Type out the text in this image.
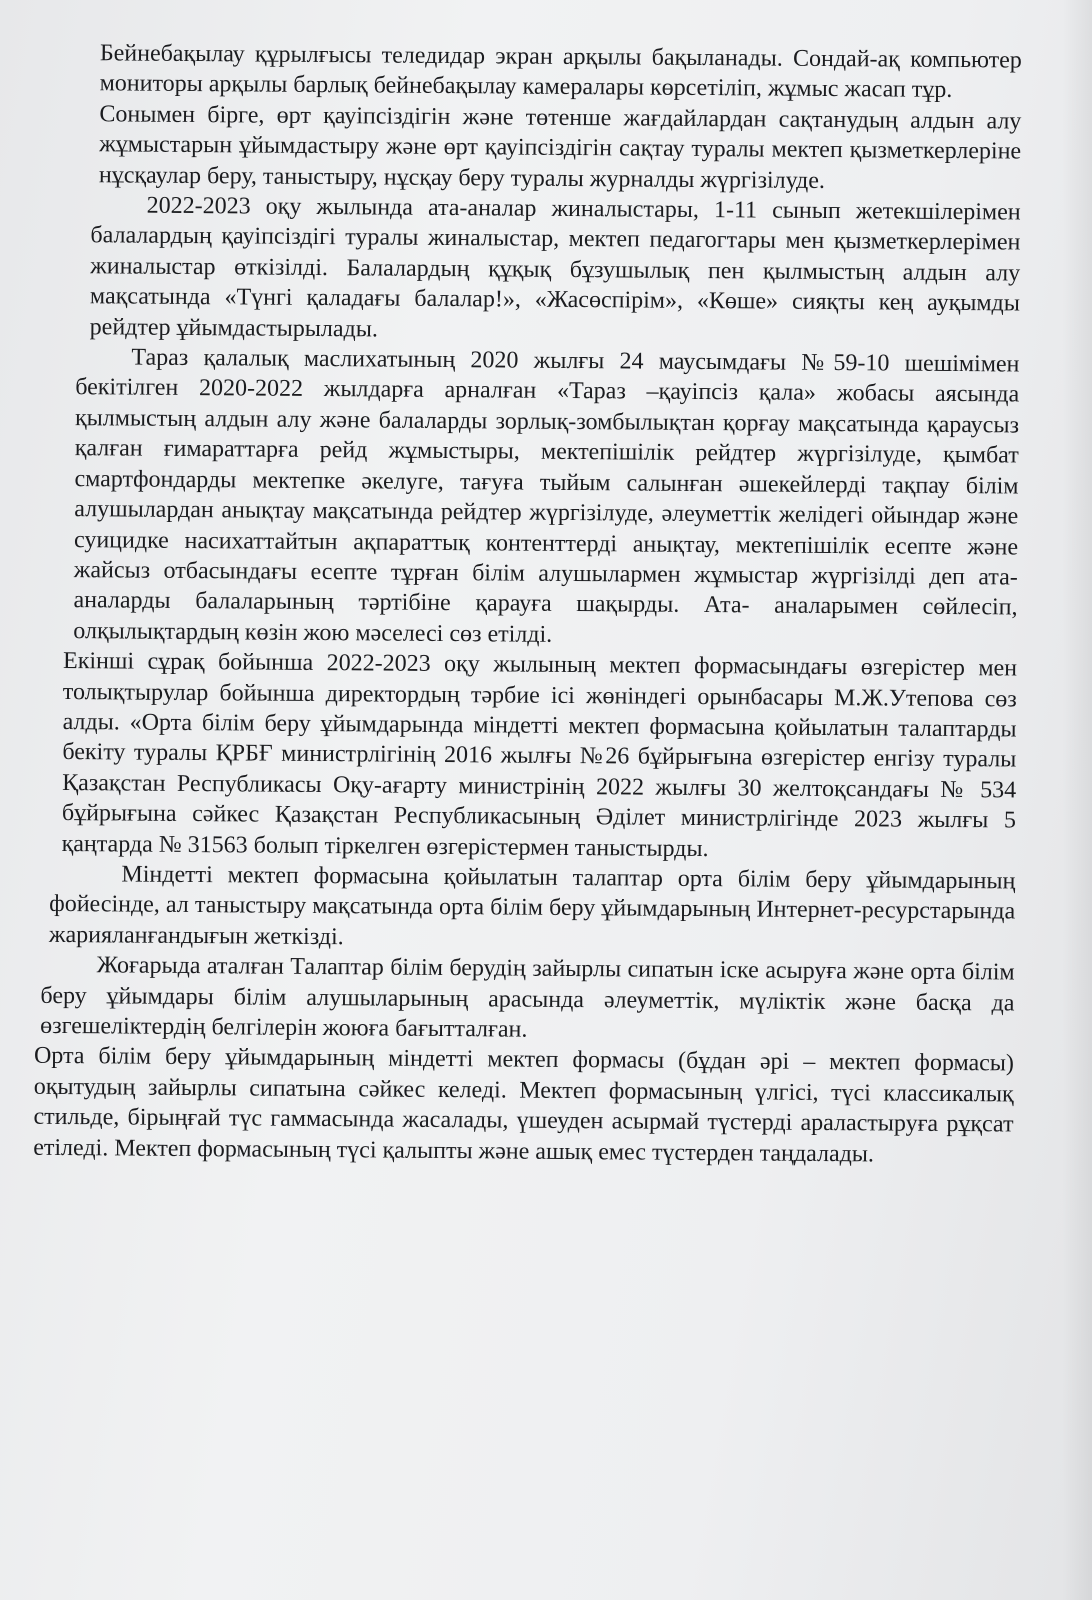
Бейнебақылау құрылғысы теледидар экран арқылы бақыланады. Сондай-ақ компьютер мониторы арқылы барлық бейнебақылау камералары көрсетіліп, жұмыс жасап тұр.

Сонымен бірге, өрт қауіпсіздігін және төтенше жағдайлардан сақтанудың алдын алу жұмыстарын ұйымдастыру және өрт қауіпсіздігін сақтау туралы мектеп қызметкерлеріне нұсқаулар беру, таныстыру, нұсқау беру туралы журналды жүргізілуде.

2022-2023 оқу жылында ата-аналар жиналыстары, 1-11 сынып жетекшілерімен балалардың қауіпсіздігі туралы жиналыстар, мектеп педагогтары мен қызметкерлерімен жиналыстар өткізілді. Балалардың құқық бұзушылық пен қылмыстың алдын алу мақсатында «Түнгі қаладағы балалар!», «Жасөспірім», «Көше» сияқты кең ауқымды рейдтер ұйымдастырылады.

Тараз қалалық маслихатының 2020 жылғы 24 маусымдағы №59-10 шешімімен бекітілген 2020-2022 жылдарға арналған «Тараз –қауіпсіз қала» жобасы аясында қылмыстың алдын алу және балаларды зорлық-зомбылықтан қорғау мақсатында қараусыз қалған ғимараттарға рейд жұмыстыры, мектепішілік рейдтер жүргізілуде, қымбат смартфондарды мектепке әкелуге, тағуға тыйым салынған әшекейлерді тақпау білім алушылардан анықтау мақсатында рейдтер жүргізілуде, әлеуметтік желідегі ойындар және суицидке насихаттайтын ақпараттық контенттерді анықтау, мектепішілік есепте және жайсыз отбасындағы есепте тұрған білім алушылармен жұмыстар жүргізілді деп ата-аналарды балаларының тәртібіне қарауға шақырды. Ата- аналарымен сөйлесіп, олқылықтардың көзін жою мәселесі сөз етілді.

Екінші сұрақ бойынша 2022-2023 оқу жылының мектеп формасындағы өзгерістер мен толықтырулар бойынша директордың тәрбие ісі жөніндегі орынбасары М.Ж.Утепова сөз алды. «Орта білім беру ұйымдарында міндетті мектеп формасына қойылатын талаптарды бекіту туралы ҚРБҒ министрлігінің 2016 жылғы №26 бұйрығына өзгерістер енгізу туралы Қазақстан Республикасы Оқу-ағарту министрінің 2022 жылғы 30 желтоқсандағы № 534 бұйрығына сәйкес Қазақстан Республикасының Әділет министрлігінде 2023 жылғы 5 қаңтарда № 31563 болып тіркелген өзгерістермен таныстырды.

Міндетті мектеп формасына қойылатын талаптар орта білім беру ұйымдарының фойесінде, ал таныстыру мақсатында орта білім беру ұйымдарының Интернет-ресурстарында жарияланғандығын жеткізді.

Жоғарыда аталған Талаптар білім берудің зайырлы сипатын іске асыруға және орта білім беру ұйымдары білім алушыларының арасында әлеуметтік, мүліктік және басқа да өзгешеліктердің белгілерін жоюға бағытталған.

Орта білім беру ұйымдарының міндетті мектеп формасы (бұдан әрі – мектеп формасы) оқытудың зайырлы сипатына сәйкес келеді. Мектеп формасының үлгісі, түсі классикалық стильде, бірыңғай түс гаммасында жасалады, үшеуден асырмай түстерді араластыруға рұқсат етіледі. Мектеп формасының түсі қалыпты және ашық емес түстерден таңдалады.
